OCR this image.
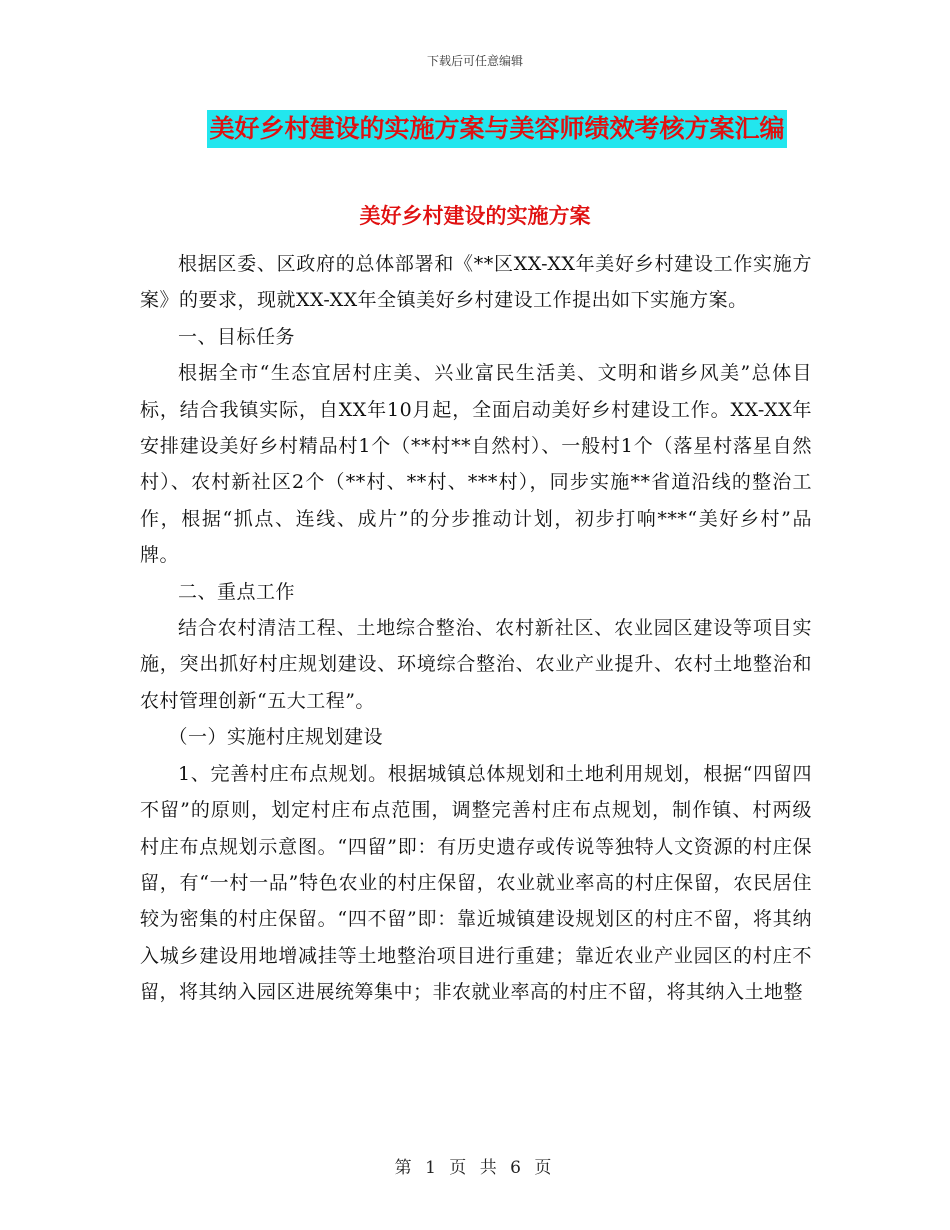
下载后可任意编辑
美好乡村建设的实施方案与美容师绩效考核方案汇编
美好乡村建设的实施方案

根据区委、区政府的总体部署和《**区XX-XX年美好乡村建设工作实施方案》的要求，现就XX-XX年全镇美好乡村建设工作提出如下实施方案。

一、目标任务

根据全市“生态宜居村庄美、兴业富民生活美、文明和谐乡风美”总体目标，结合我镇实际，自XX年10月起，全面启动美好乡村建设工作。XX-XX年安排建设美好乡村精品村1个（**村**自然村）、一般村1个（落星村落星自然村）、农村新社区2个（**村、**村、***村），同步实施**省道沿线的整治工作，根据“抓点、连线、成片”的分步推动计划，初步打响***“美好乡村”品牌。

二、重点工作

结合农村清洁工程、土地综合整治、农村新社区、农业园区建设等项目实施，突出抓好村庄规划建设、环境综合整治、农业产业提升、农村土地整治和农村管理创新“五大工程”。

（一）实施村庄规划建设

1、完善村庄布点规划。根据城镇总体规划和土地利用规划，根据“四留四不留”的原则，划定村庄布点范围，调整完善村庄布点规划，制作镇、村两级村庄布点规划示意图。“四留”即：有历史遗存或传说等独特人文资源的村庄保留，有“一村一品”特色农业的村庄保留，农业就业率高的村庄保留，农民居住较为密集的村庄保留。“四不留”即：靠近城镇建设规划区的村庄不留，将其纳入城乡建设用地增减挂等土地整治项目进行重建；靠近农业产业园区的村庄不留，将其纳入园区进展统筹集中；非农就业率高的村庄不留，将其纳入土地整

第 1 页 共 6 页
